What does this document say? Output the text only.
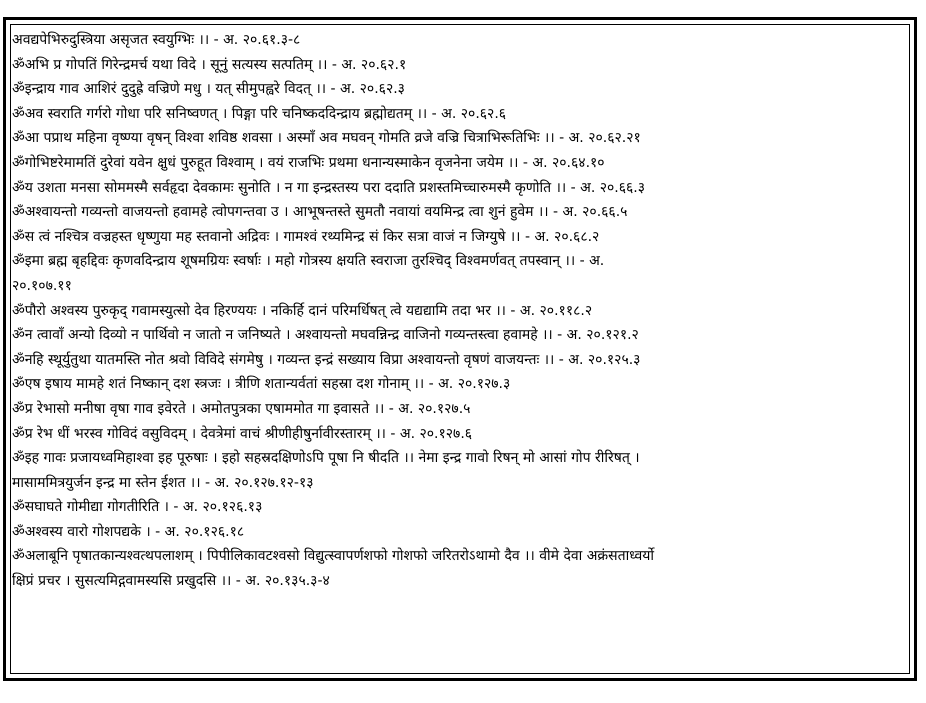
अवद्यपेभिरुदुस्त्रिया असृजत स्वयुग्भिः ।। - अ. २०.६१.३-८
ॐअभि प्र गोपतिं गिरेन्द्रमर्च यथा विदे । सूनुं सत्यस्य सत्पतिम् ।। - अ. २०.६२.१
ॐइन्द्राय गाव आशिरं दुदुह्रे वज्रिणे मधु । यत् सीमुपह्वरे विदत् ।। - अ. २०.६२.३
ॐअव स्वराति गर्गरो गोधा परि सनिष्वणत् । पिङ्गा परि चनिष्कददिन्द्राय ब्रह्मोद्यतम् ।। - अ. २०.६२.६
ॐआ पप्राथ महिना वृष्ण्या वृषन् विश्वा शविष्ठ शवसा । अस्माँ अव मघवन् गोमति व्रजे वज्रि चित्राभिरूतिभिः ।। - अ. २०.६२.२१
ॐगोभिष्टरेमामतिं दुरेवां यवेन क्षुधं पुरुहूत विश्वाम् । वयं राजभिः प्रथमा धनान्यस्माकेन वृजनेना जयेम ।। - अ. २०.६४.१०
ॐय उशता मनसा सोममस्मै सर्वहृदा देवकामः सुनोति । न गा इन्द्रस्तस्य परा ददाति प्रशस्तमिच्चारुमस्मै कृणोति ।। - अ. २०.६६.३
ॐअश्वायन्तो गव्यन्तो वाजयन्तो हवामहे त्वोपगन्तवा उ । आभूषन्तस्ते सुमतौ नवायां वयमिन्द्र त्वा शुनं हुवेम ।। - अ. २०.६६.५
ॐस त्वं नश्चित्र वज्रहस्त धृष्णुया मह स्तवानो अद्रिवः । गामश्वं रथ्यमिन्द्र सं किर सत्रा वाजं न जिग्युषे ।। - अ. २०.६८.२
ॐइमा ब्रह्म बृहद्दिवः कृणवदिन्द्राय शूषमग्रियः स्वर्षाः । महो गोत्रस्य क्षयति स्वराजा तुरश्चिद् विश्वमर्णवत् तपस्वान् ।। - अ.
२०.१०७.११
ॐपौरो अश्वस्य पुरुकृद् गवामस्युत्सो देव हिरण्ययः । नकिर्हि दानं परिमर्धिषत् त्वे यद्यद्यामि तदा भर ।। - अ. २०.११८.२
ॐन त्वावाँ अन्यो दिव्यो न पार्थिवो न जातो न जनिष्यते । अश्वायन्तो मघवन्निन्द्र वाजिनो गव्यन्तस्त्वा हवामहे ।। - अ. २०.१२१.२
ॐनहि स्थूर्युतुथा यातमस्ति नोत श्रवो विविदे संगमेषु । गव्यन्त इन्द्रं सख्याय विप्रा अश्वायन्तो वृषणं वाजयन्तः ।। - अ. २०.१२५.३
ॐएष इषाय मामहे शतं निष्कान् दश स्त्रजः । त्रीणि शतान्यर्वतां सहस्रा दश गोनाम् ।। - अ. २०.१२७.३
ॐप्र रेभासो मनीषा वृषा गाव इवेरते । अमोतपुत्रका एषाममोत गा इवासते ।। - अ. २०.१२७.५
ॐप्र रेभ धीं भरस्व गोविदं वसुविदम् । देवत्रेमां वाचं श्रीणीहीषुर्नावीरस्तारम् ।। - अ. २०.१२७.६
ॐइह गावः प्रजायध्वमिहाश्वा इह पूरुषाः । इहो सहस्रदक्षिणोऽपि पूषा नि षीदति ।। नेमा इन्द्र गावो रिषन् मो आसां गोप रीरिषत् ।
मासाममित्रयुर्जन इन्द्र मा स्तेन ईशत ।। - अ. २०.१२७.१२-१३
ॐसघाघते गोमीद्या गोगतीरिति । - अ. २०.१२६.१३
ॐअश्वस्य वारो गोशपद्यके । - अ. २०.१२६.१८
ॐअलाबूनि पृषातकान्यश्वत्थपलाशम् । पिपीलिकावटश्वसो विद्युत्स्वापर्णशफो गोशफो जरितरोऽथामो दैव ।। वीमे देवा अक्रंसताध्वर्यो
क्षिप्रं प्रचर । सुसत्यमिद्गवामस्यसि प्रखुदसि ।। - अ. २०.१३५.३-४
